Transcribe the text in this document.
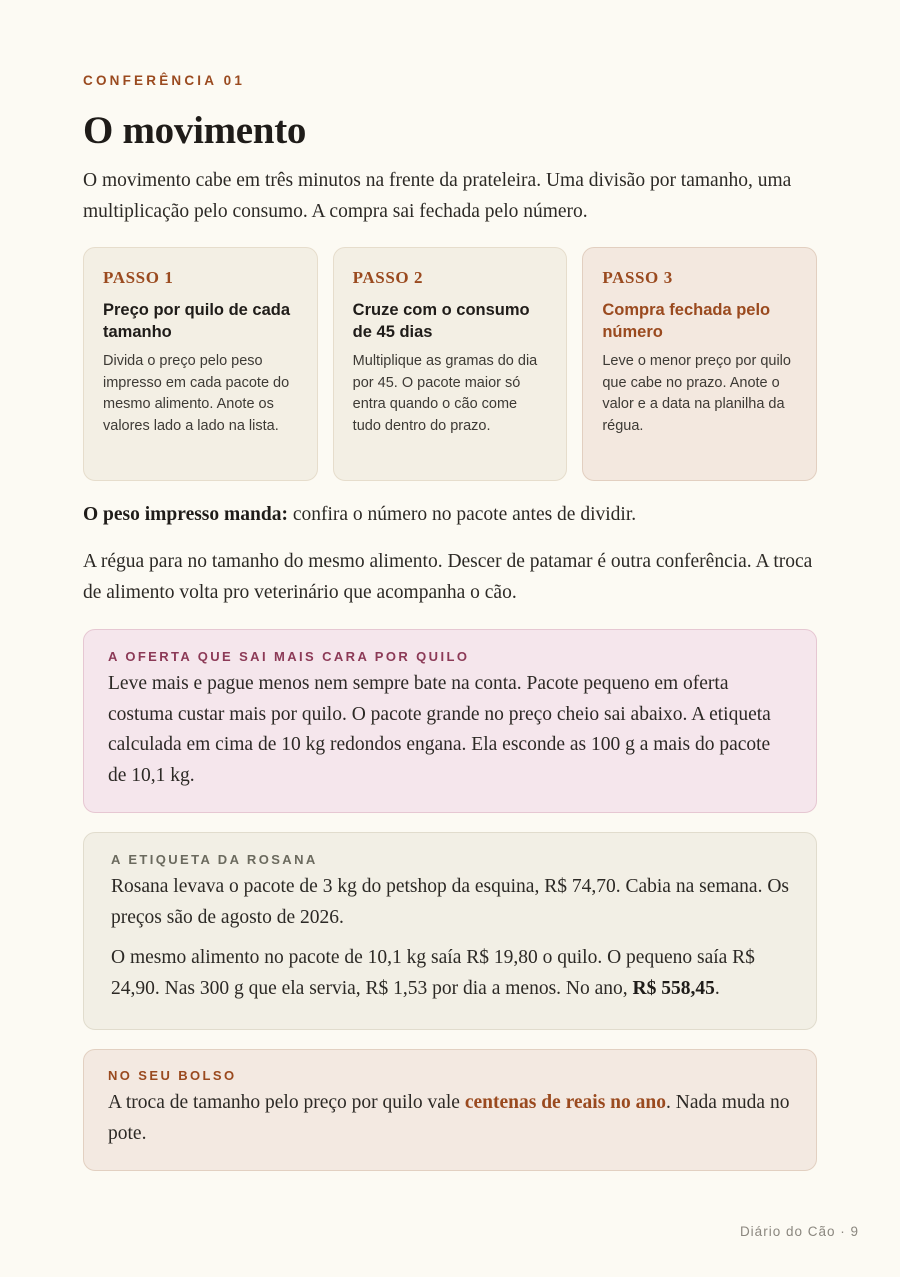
CONFERÊNCIA 01
O movimento

O movimento cabe em três minutos na frente da prateleira. Uma divisão por tamanho, uma multiplicação pelo consumo. A compra sai fechada pelo número.

PASSO 1
Preço por quilo de cada tamanho
Divida o preço pelo peso impresso em cada pacote do mesmo alimento. Anote os valores lado a lado na lista.
PASSO 2
Cruze com o consumo de 45 dias
Multiplique as gramas do dia por 45. O pacote maior só entra quando o cão come tudo dentro do prazo.
PASSO 3
Compra fechada pelo número
Leve o menor preço por quilo que cabe no prazo. Anote o valor e a data na planilha da régua.

O peso impresso manda: confira o número no pacote antes de dividir.

A régua para no tamanho do mesmo alimento. Descer de patamar é outra conferência. A troca de alimento volta pro veterinário que acompanha o cão.

A OFERTA QUE SAI MAIS CARA POR QUILO

Leve mais e pague menos nem sempre bate na conta. Pacote pequeno em oferta costuma custar mais por quilo. O pacote grande no preço cheio sai abaixo. A etiqueta calculada em cima de 10 kg redondos engana. Ela esconde as 100 g a mais do pacote de 10,1 kg.

A ETIQUETA DA ROSANA

Rosana levava o pacote de 3 kg do petshop da esquina, R$ 74,70. Cabia na semana. Os preços são de agosto de 2026.

O mesmo alimento no pacote de 10,1 kg saía R$ 19,80 o quilo. O pequeno saía R$ 24,90. Nas 300 g que ela servia, R$ 1,53 por dia a menos. No ano, R$ 558,45.

NO SEU BOLSO

A troca de tamanho pelo preço por quilo vale centenas de reais no ano. Nada muda no pote.

Diário do Cão · 9
